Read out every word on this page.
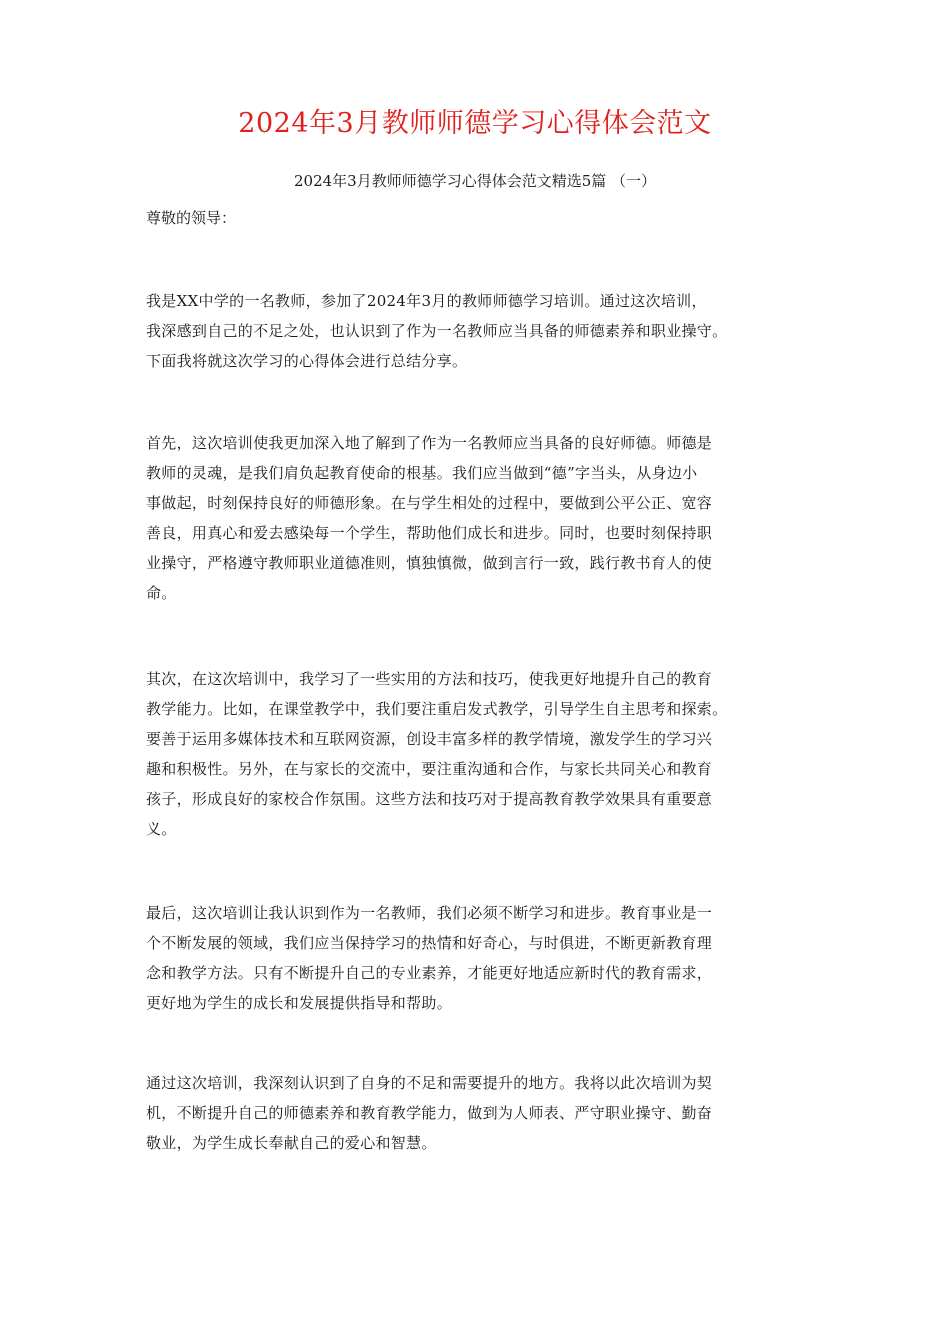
2024年3月教师师德学习心得体会范文
2024年3月教师师德学习心得体会范文精选5篇 （一）
尊敬的领导：
我是XX中学的一名教师，参加了2024年3月的教师师德学习培训。通过这次培训，
我深感到自己的不足之处，也认识到了作为一名教师应当具备的师德素养和职业操守。
下面我将就这次学习的心得体会进行总结分享。
首先，这次培训使我更加深入地了解到了作为一名教师应当具备的良好师德。师德是
教师的灵魂，是我们肩负起教育使命的根基。我们应当做到“德”字当头，从身边小
事做起，时刻保持良好的师德形象。在与学生相处的过程中，要做到公平公正、宽容
善良，用真心和爱去感染每一个学生，帮助他们成长和进步。同时，也要时刻保持职
业操守，严格遵守教师职业道德准则，慎独慎微，做到言行一致，践行教书育人的使
命。
其次，在这次培训中，我学习了一些实用的方法和技巧，使我更好地提升自己的教育
教学能力。比如，在课堂教学中，我们要注重启发式教学，引导学生自主思考和探索。
要善于运用多媒体技术和互联网资源，创设丰富多样的教学情境，激发学生的学习兴
趣和积极性。另外，在与家长的交流中，要注重沟通和合作，与家长共同关心和教育
孩子，形成良好的家校合作氛围。这些方法和技巧对于提高教育教学效果具有重要意
义。
最后，这次培训让我认识到作为一名教师，我们必须不断学习和进步。教育事业是一
个不断发展的领域，我们应当保持学习的热情和好奇心，与时俱进，不断更新教育理
念和教学方法。只有不断提升自己的专业素养，才能更好地适应新时代的教育需求，
更好地为学生的成长和发展提供指导和帮助。
通过这次培训，我深刻认识到了自身的不足和需要提升的地方。我将以此次培训为契
机，不断提升自己的师德素养和教育教学能力，做到为人师表、严守职业操守、勤奋
敬业，为学生成长奉献自己的爱心和智慧。
